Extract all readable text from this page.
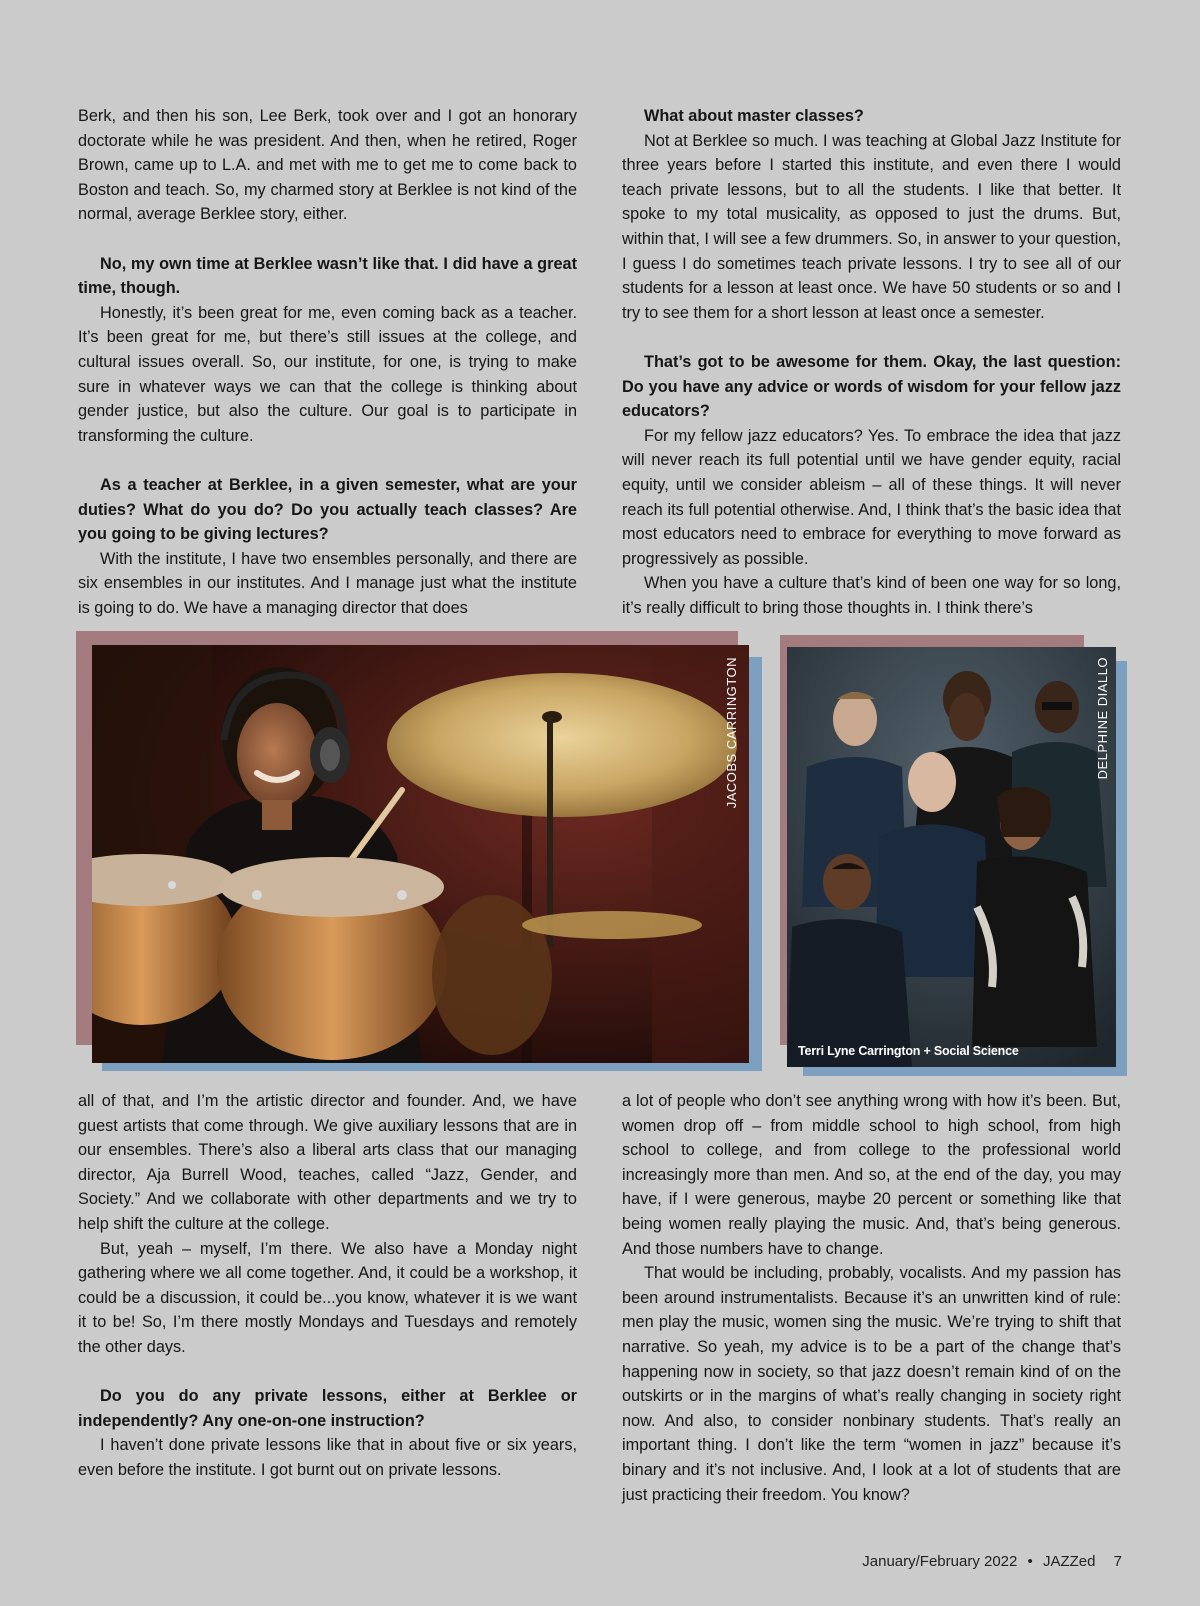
Berk, and then his son, Lee Berk, took over and I got an honorary doctorate while he was president. And then, when he retired, Roger Brown, came up to L.A. and met with me to get me to come back to Boston and teach. So, my charmed story at Berklee is not kind of the normal, average Berklee story, either.

No, my own time at Berklee wasn’t like that. I did have a great time, though.

Honestly, it’s been great for me, even coming back as a teacher. It’s been great for me, but there’s still issues at the college, and cultural issues overall. So, our institute, for one, is trying to make sure in whatever ways we can that the college is thinking about gender justice, but also the culture. Our goal is to participate in transforming the culture.

As a teacher at Berklee, in a given semester, what are your duties? What do you do? Do you actually teach classes? Are you going to be giving lectures?

With the institute, I have two ensembles personally, and there are six ensembles in our institutes. And I manage just what the institute is going to do. We have a managing director that does

What about master classes?

Not at Berklee so much. I was teaching at Global Jazz Institute for three years before I started this institute, and even there I would teach private lessons, but to all the students. I like that better. It spoke to my total musicality, as opposed to just the drums. But, within that, I will see a few drummers. So, in answer to your question, I guess I do sometimes teach private lessons. I try to see all of our students for a lesson at least once. We have 50 students or so and I try to see them for a short lesson at least once a semester.

That’s got to be awesome for them. Okay, the last question: Do you have any advice or words of wisdom for your fellow jazz educators?

For my fellow jazz educators? Yes. To embrace the idea that jazz will never reach its full potential until we have gender equity, racial equity, until we consider ableism – all of these things. It will never reach its full potential otherwise. And, I think that’s the basic idea that most educators need to embrace for everything to move forward as progressively as possible.

When you have a culture that’s kind of been one way for so long, it’s really difficult to bring those thoughts in. I think there’s

all of that, and I’m the artistic director and founder. And, we have guest artists that come through. We give auxiliary lessons that are in our ensembles. There’s also a liberal arts class that our managing director, Aja Burrell Wood, teaches, called “Jazz, Gender, and Society.” And we collaborate with other departments and we try to help shift the culture at the college.

But, yeah – myself, I’m there. We also have a Monday night gathering where we all come together. And, it could be a workshop, it could be a discussion, it could be...you know, whatever it is we want it to be! So, I’m there mostly Mondays and Tuesdays and remotely the other days.

Do you do any private lessons, either at Berklee or independently? Any one-on-one instruction?

I haven’t done private lessons like that in about five or six years, even before the institute. I got burnt out on private lessons.

a lot of people who don’t see anything wrong with how it’s been. But, women drop off – from middle school to high school, from high school to college, and from college to the professional world increasingly more than men. And so, at the end of the day, you may have, if I were generous, maybe 20 percent or something like that being women really playing the music. And, that’s being generous. And those numbers have to change.

That would be including, probably, vocalists. And my passion has been around instrumentalists. Because it’s an unwritten kind of rule: men play the music, women sing the music. We’re trying to shift that narrative. So yeah, my advice is to be a part of the change that’s happening now in society, so that jazz doesn’t remain kind of on the outskirts or in the margins of what’s really changing in society right now. And also, to consider nonbinary students. That’s really an important thing. I don’t like the term “women in jazz” because it’s binary and it’s not inclusive. And, I look at a lot of students that are just practicing their freedom. You know?

JACOBS CARRINGTON	DELPHINE DIALLO
Terri Lyne Carrington + Social Science
January/February 2022 • JAZZed 7
